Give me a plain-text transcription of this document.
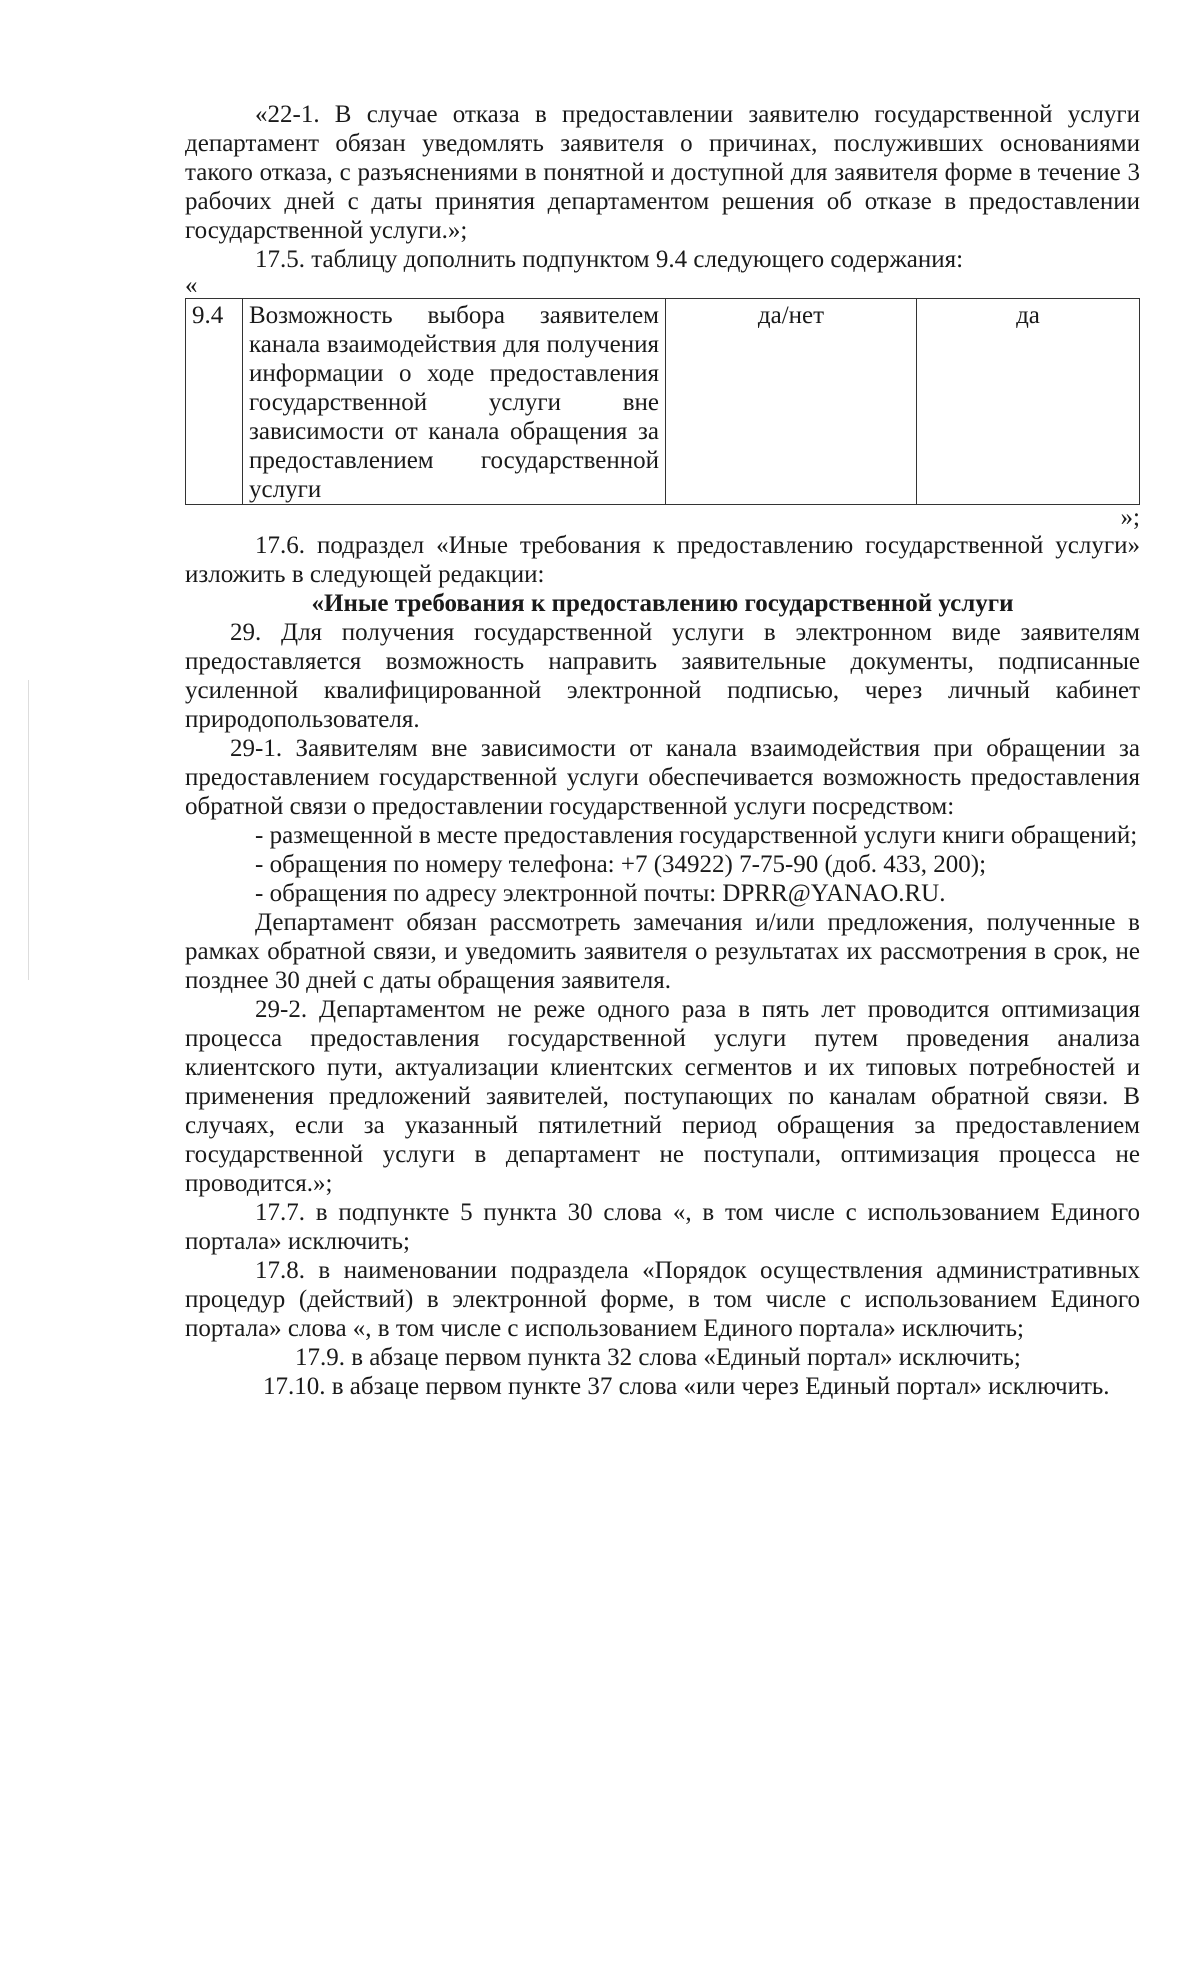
«22-1. В случае отказа в предоставлении заявителю государственной услуги департамент обязан уведомлять заявителя о причинах, послуживших основаниями такого отказа, с разъяснениями в понятной и доступной для заявителя форме в течение 3 рабочих дней с даты принятия департаментом решения об отказе в предоставлении государственной услуги.»;

17.5. таблицу дополнить подпунктом 9.4 следующего содержания:

«

9.4	Возможность выбора заявителем канала взаимодействия для получения информации о ходе предоставления государственной услуги вне зависимости от канала обращения за предоставлением государственной услуги	да/нет	да

»;

17.6. подраздел «Иные требования к предоставлению государственной услуги» изложить в следующей редакции:

«Иные требования к предоставлению государственной услуги

29. Для получения государственной услуги в электронном виде заявителям предоставляется возможность направить заявительные документы, подписанные усиленной квалифицированной электронной подписью, через личный кабинет природопользователя.

29-1. Заявителям вне зависимости от канала взаимодействия при обращении за предоставлением государственной услуги обеспечивается возможность предоставления обратной связи о предоставлении государственной услуги посредством:

- размещенной в месте предоставления государственной услуги книги обращений;

- обращения по номеру телефона: +7 (34922) 7-75-90 (доб. 433, 200);

- обращения по адресу электронной почты: DPRR@YANAO.RU.

Департамент обязан рассмотреть замечания и/или предложения, полученные в рамках обратной связи, и уведомить заявителя о результатах их рассмотрения в срок, не позднее 30 дней с даты обращения заявителя.

29-2. Департаментом не реже одного раза в пять лет проводится оптимизация процесса предоставления государственной услуги путем проведения анализа клиентского пути, актуализации клиентских сегментов и их типовых потребностей и применения предложений заявителей, поступающих по каналам обратной связи. В случаях, если за указанный пятилетний период обращения за предоставлением государственной услуги в департамент не поступали, оптимизация процесса не проводится.»;

17.7. в подпункте 5 пункта 30 слова «, в том числе с использованием Единого портала» исключить;

17.8. в наименовании подраздела «Порядок осуществления административных процедур (действий) в электронной форме, в том числе с использованием Единого портала» слова «, в том числе с использованием Единого портала» исключить;

17.9. в абзаце первом пункта 32 слова «Единый портал» исключить;

17.10. в абзаце первом пункте 37 слова «или через Единый портал» исключить.
